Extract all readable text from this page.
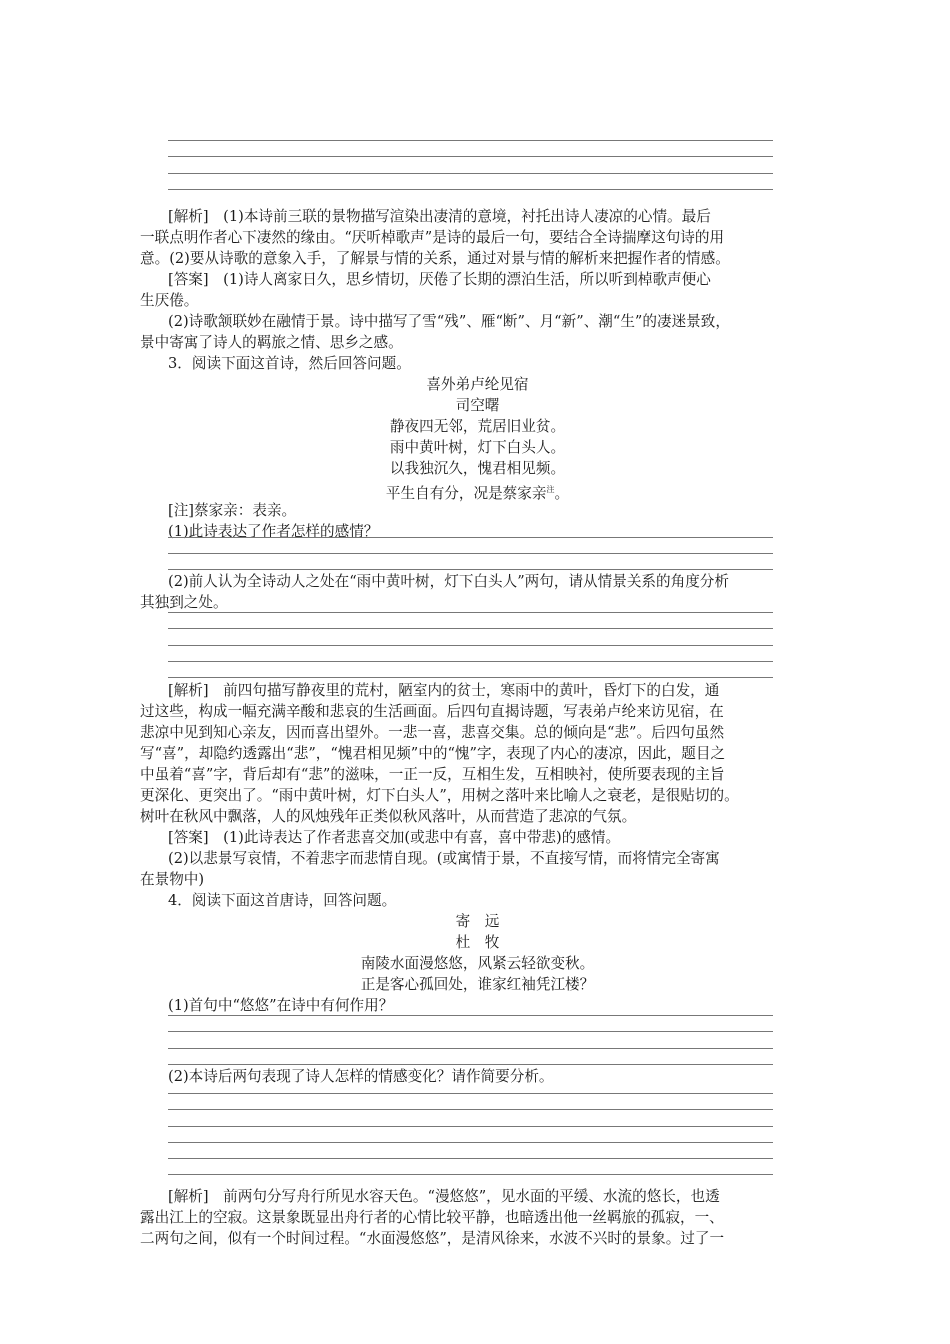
[解析]　(1)本诗前三联的景物描写渲染出凄清的意境，衬托出诗人凄凉的心情。最后
一联点明作者心下凄然的缘由。“厌听棹歌声”是诗的最后一句，要结合全诗揣摩这句诗的用
意。(2)要从诗歌的意象入手，了解景与情的关系，通过对景与情的解析来把握作者的情感。
[答案]　(1)诗人离家日久，思乡情切，厌倦了长期的漂泊生活，所以听到棹歌声便心
生厌倦。
(2)诗歌颔联妙在融情于景。诗中描写了雪“残”、雁“断”、月“新”、潮“生”的凄迷景致，
景中寄寓了诗人的羁旅之情、思乡之感。
3．阅读下面这首诗，然后回答问题。
喜外弟卢纶见宿
司空曙
静夜四无邻，荒居旧业贫。
雨中黄叶树，灯下白头人。
以我独沉久，愧君相见频。
平生自有分，况是蔡家亲$^注$。
[注]蔡家亲：表亲。
(1)此诗表达了作者怎样的感情？
(2)前人认为全诗动人之处在“雨中黄叶树，灯下白头人”两句，请从情景关系的角度分析
其独到之处。
[解析]　前四句描写静夜里的荒村，陋室内的贫士，寒雨中的黄叶，昏灯下的白发，通
过这些，构成一幅充满辛酸和悲哀的生活画面。后四句直揭诗题，写表弟卢纶来访见宿，在
悲凉中见到知心亲友，因而喜出望外。一悲一喜，悲喜交集。总的倾向是“悲”。后四句虽然
写“喜”，却隐约透露出“悲”，“愧君相见频”中的“愧”字，表现了内心的凄凉，因此，题目之
中虽着“喜”字，背后却有“悲”的滋味，一正一反，互相生发，互相映衬，使所要表现的主旨
更深化、更突出了。“雨中黄叶树，灯下白头人”，用树之落叶来比喻人之衰老，是很贴切的。
树叶在秋风中飘落，人的风烛残年正类似秋风落叶，从而营造了悲凉的气氛。
[答案]　(1)此诗表达了作者悲喜交加(或悲中有喜，喜中带悲)的感情。
(2)以悲景写哀情，不着悲字而悲情自现。(或寓情于景，不直接写情，而将情完全寄寓
在景物中)
4．阅读下面这首唐诗，回答问题。
寄　远
杜　牧
南陵水面漫悠悠，风紧云轻欲变秋。
正是客心孤回处，谁家红袖凭江楼？
(1)首句中“悠悠”在诗中有何作用？
(2)本诗后两句表现了诗人怎样的情感变化？请作简要分析。
[解析]　前两句分写舟行所见水容天色。“漫悠悠”，见水面的平缓、水流的悠长，也透
露出江上的空寂。这景象既显出舟行者的心情比较平静，也暗透出他一丝羁旅的孤寂，一、
二两句之间，似有一个时间过程。“水面漫悠悠”，是清风徐来，水波不兴时的景象。过了一
